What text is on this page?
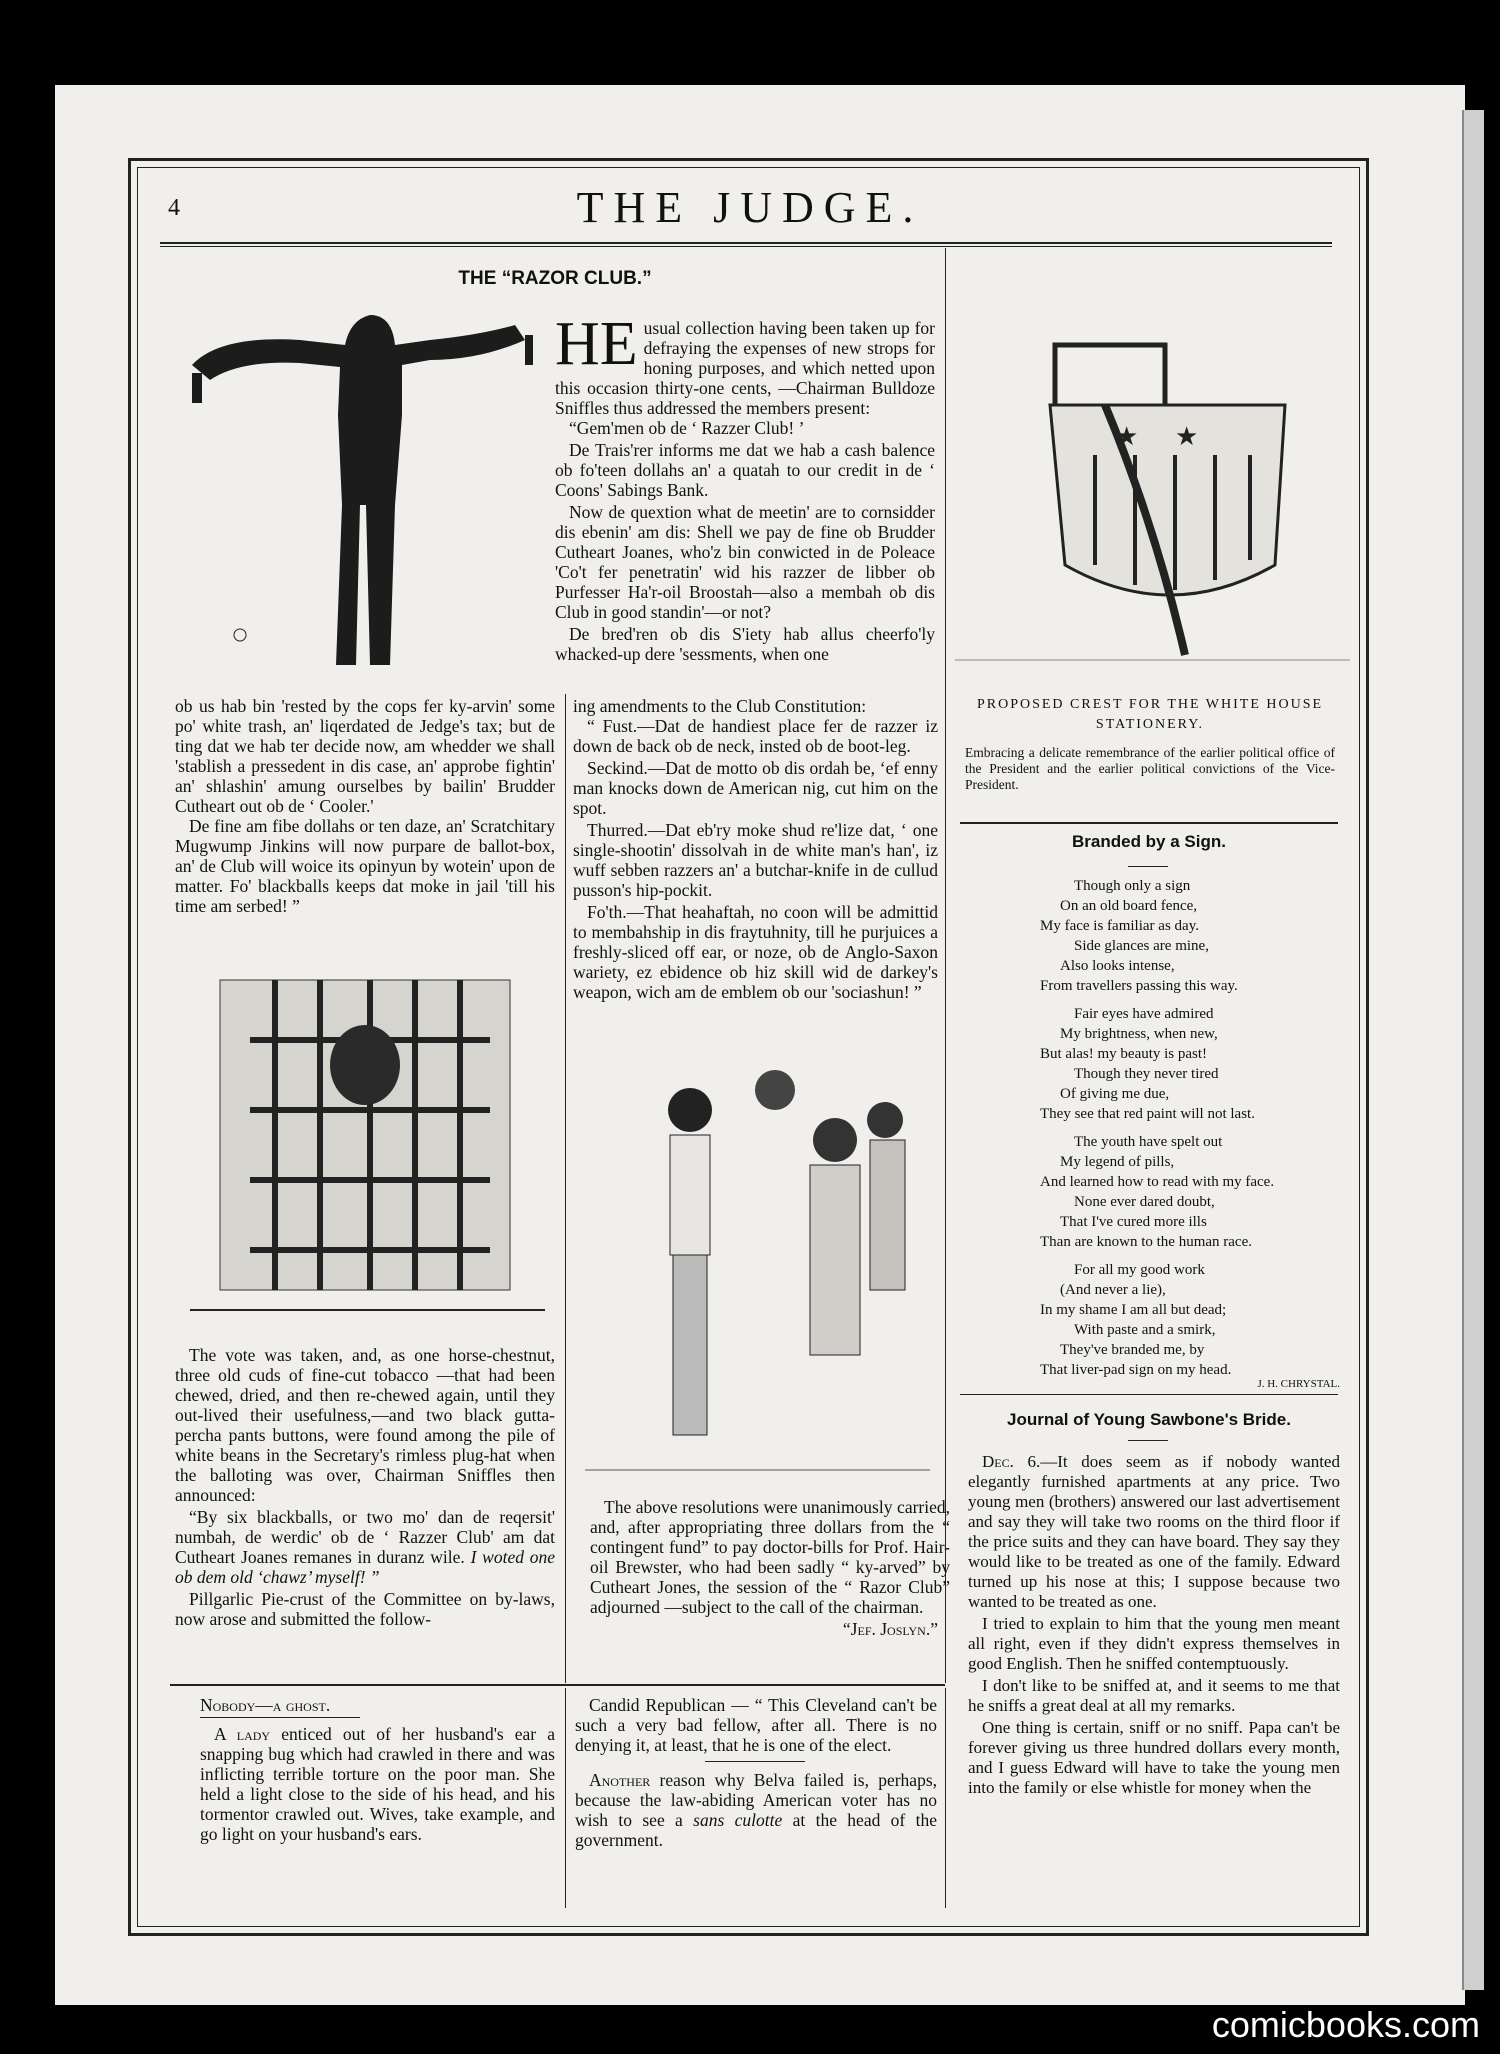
4	THE JUDGE.
THE “RAZOR CLUB.”
HE usual collection having been taken up for defraying the expenses of new strops for honing purposes, and which netted upon this occasion thirty-one cents, —Chairman Bulldoze Sniffles thus addressed the members present:

“Gem'men ob de ‘ Razzer Club! ’

De Trais'rer informs me dat we hab a cash balence ob fo'teen dollahs an' a quatah to our credit in de ‘ Coons' Sabings Bank.

Now de quextion what de meetin' are to cornsidder dis ebenin' am dis: Shell we pay de fine ob Brudder Cutheart Joanes, who'z bin conwicted in de Poleace 'Co't fer penetratin' wid his razzer de libber ob Purfesser Ha'r-oil Broostah—also a membah ob dis Club in good standin'—or not?

De bred'ren ob dis S'iety hab allus cheerfo'ly whacked-up dere 'sessments, when one

ob us hab bin 'rested by the cops fer ky-arvin' some po' white trash, an' liqerdated de Jedge's tax; but de ting dat we hab ter decide now, am whedder we shall 'stablish a pressedent in dis case, an' approbe fightin' an' shlashin' amung ourselbes by bailin' Brudder Cutheart out ob de ‘ Cooler.'

De fine am fibe dollahs or ten daze, an' Scratchitary Mugwump Jinkins will now purpare de ballot-box, an' de Club will woice its opinyun by wotein' upon de matter. Fo' blackballs keeps dat moke in jail 'till his time am serbed! ”

The vote was taken, and, as one horse-chestnut, three old cuds of fine-cut tobacco —that had been chewed, dried, and then re-chewed again, until they out-lived their usefulness,—and two black gutta-percha pants buttons, were found among the pile of white beans in the Secretary's rimless plug-hat when the balloting was over, Chairman Sniffles then announced:

“By six blackballs, or two mo' dan de reqersit' numbah, de werdic' ob de ‘ Razzer Club' am dat Cutheart Joanes remanes in duranz wile. I woted one ob dem old ‘chawz’ myself! ”

Pillgarlic Pie-crust of the Committee on by-laws, now arose and submitted the follow-

ing amendments to the Club Constitution:

“ Fust.—Dat de handiest place fer de razzer iz down de back ob de neck, insted ob de boot-leg.

Seckind.—Dat de motto ob dis ordah be, ‘ef enny man knocks down de American nig, cut him on the spot.

Thurred.—Dat eb'ry moke shud re'lize dat, ‘ one single-shootin' dissolvah in de white man's han', iz wuff sebben razzers an' a butchar-knife in de cullud pusson's hip-pockit.

Fo'th.—That heahaftah, no coon will be admittid to membahship in dis fraytuhnity, till he purjuices a freshly-sliced off ear, or noze, ob de Anglo-Saxon wariety, ez ebidence ob hiz skill wid de darkey's weapon, wich am de emblem ob our 'sociashun! ”

The above resolutions were unanimously carried, and, after appropriating three dollars from the “ contingent fund” to pay doctor-bills for Prof. Hair-oil Brewster, who had been sadly “ ky-arved” by Cutheart Jones, the session of the “ Razor Club” adjourned —subject to the call of the chairman.

“Jef. Joslyn.”
★ ★
PROPOSED CREST FOR THE WHITE HOUSE STATIONERY.
Embracing a delicate remembrance of the earlier political office of the President and the earlier political convictions of the Vice-President.
Branded by a Sign.
Though only a sign
On an old board fence,
My face is familiar as day.
Side glances are mine,
Also looks intense,
From travellers passing this way.
Fair eyes have admired
My brightness, when new,
But alas! my beauty is past!
Though they never tired
Of giving me due,
They see that red paint will not last.
The youth have spelt out
My legend of pills,
And learned how to read with my face.
None ever dared doubt,
That I've cured more ills
Than are known to the human race.
For all my good work
(And never a lie),
In my shame I am all but dead;
With paste and a smirk,
They've branded me, by
That liver-pad sign on my head.
J. H. CHRYSTAL.
Journal of Young Sawbone's Bride.

Dec. 6.—It does seem as if nobody wanted elegantly furnished apartments at any price. Two young men (brothers) answered our last advertisement and say they will take two rooms on the third floor if the price suits and they can have board. They say they would like to be treated as one of the family. Edward turned up his nose at this; I suppose because two wanted to be treated as one.

I tried to explain to him that the young men meant all right, even if they didn't express themselves in good English. Then he sniffed contemptuously.

I don't like to be sniffed at, and it seems to me that he sniffs a great deal at all my remarks.

One thing is certain, sniff or no sniff. Papa can't be forever giving us three hundred dollars every month, and I guess Edward will have to take the young men into the family or else whistle for money when the

Nobody—a ghost.

A lady enticed out of her husband's ear a snapping bug which had crawled in there and was inflicting terrible torture on the poor man. She held a light close to the side of his head, and his tormentor crawled out. Wives, take example, and go light on your husband's ears.

Candid Republican — “ This Cleveland can't be such a very bad fellow, after all. There is no denying it, at least, that he is one of the elect.

Another reason why Belva failed is, perhaps, because the law-abiding American voter has no wish to see a sans culotte at the head of the government.

comicbooks.com
